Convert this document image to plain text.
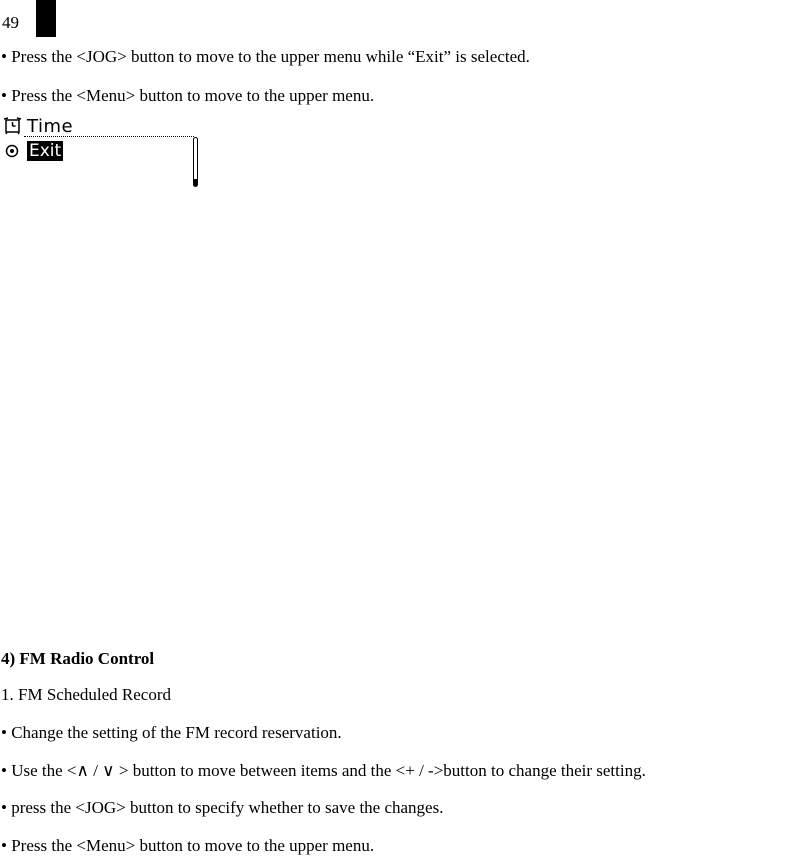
49
• Press the <JOG> button to move to the upper menu while “Exit” is selected.
• Press the <Menu> button to move to the upper menu.
Time
Exit
4) FM Radio Control
1. FM Scheduled Record
• Change the setting of the FM record reservation.
• Use the <∧ / ∨ > button to move between items and the <+ / ->button to change their setting.
• press the <JOG> button to specify whether to save the changes.
• Press the <Menu> button to move to the upper menu.
